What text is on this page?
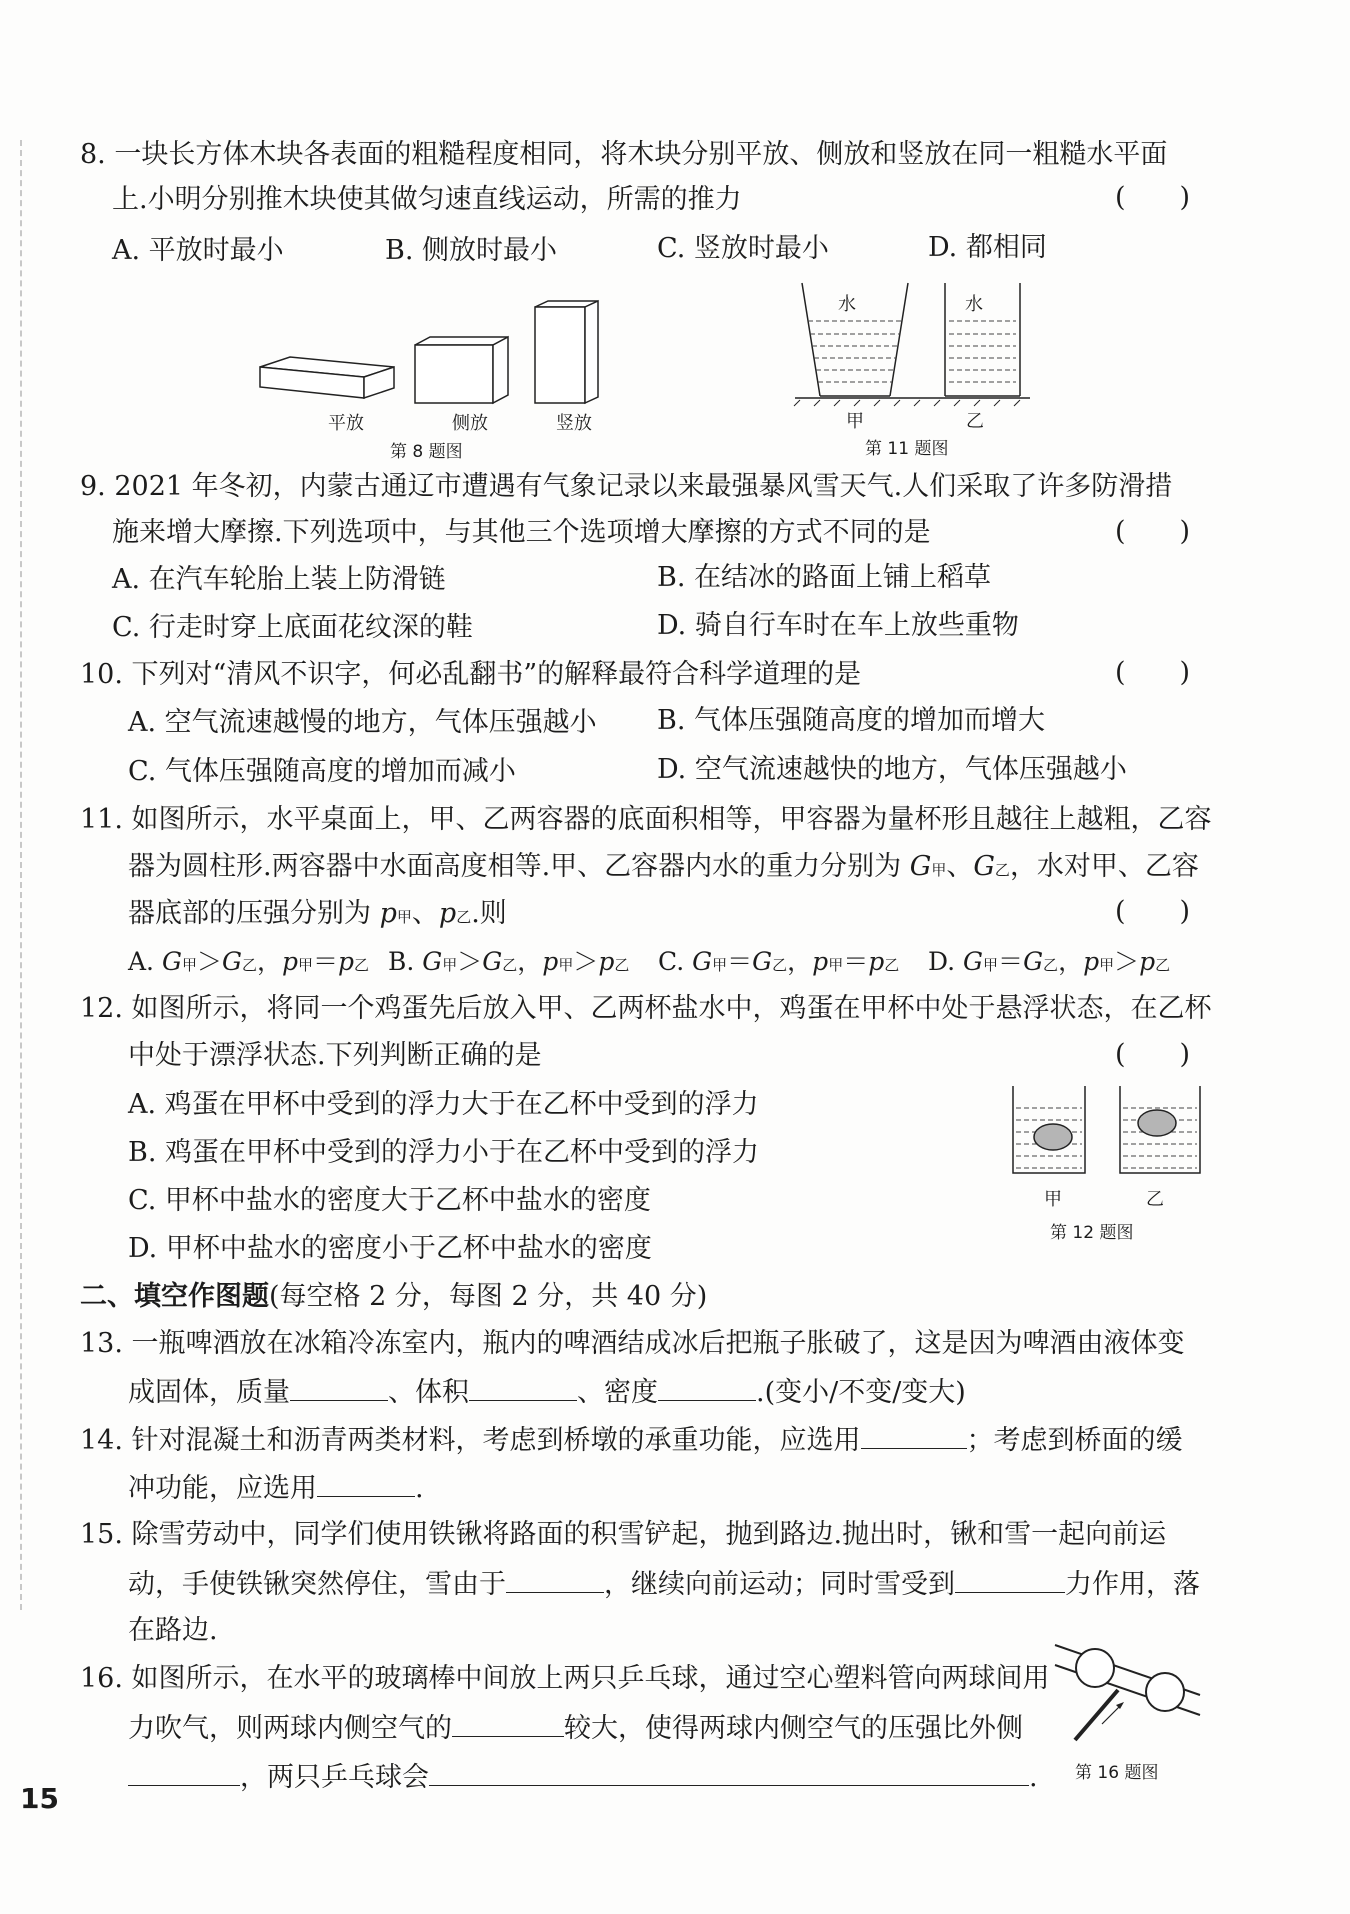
8. 一块长方体木块各表面的粗糙程度相同，将木块分别平放、侧放和竖放在同一粗糙水平面
上.小明分别推木块使其做匀速直线运动，所需的推力	(　　)
A. 平放时最小	B. 侧放时最小	C. 竖放时最小	D. 都相同
平放	侧放	竖放
第 8 题图
水	水
甲	乙
第 11 题图
9. 2021 年冬初，内蒙古通辽市遭遇有气象记录以来最强暴风雪天气.人们采取了许多防滑措
施来增大摩擦.下列选项中，与其他三个选项增大摩擦的方式不同的是	(　　)
A. 在汽车轮胎上装上防滑链	B. 在结冰的路面上铺上稻草
C. 行走时穿上底面花纹深的鞋	D. 骑自行车时在车上放些重物
10. 下列对“清风不识字，何必乱翻书”的解释最符合科学道理的是	(　　)
A. 空气流速越慢的地方，气体压强越小 B. 气体压强随高度的增加而增大
C. 气体压强随高度的增加而减小	D. 空气流速越快的地方，气体压强越小
11. 如图所示，水平桌面上，甲、乙两容器的底面积相等，甲容器为量杯形且越往上越粗，乙容
器为圆柱形.两容器中水面高度相等.甲、乙容器内水的重力分别为 G甲、G乙，水对甲、乙容
器底部的压强分别为 p甲、p乙.则	(　　)
A. G甲＞G乙，p甲＝p乙 B. G甲＞G乙，p甲＞p乙 C. G甲＝G乙，p甲＝p乙 D. G甲＝G乙，p甲＞p乙
12. 如图所示，将同一个鸡蛋先后放入甲、乙两杯盐水中，鸡蛋在甲杯中处于悬浮状态，在乙杯
中处于漂浮状态.下列判断正确的是	(　　)
A. 鸡蛋在甲杯中受到的浮力大于在乙杯中受到的浮力
B. 鸡蛋在甲杯中受到的浮力小于在乙杯中受到的浮力
C. 甲杯中盐水的密度大于乙杯中盐水的密度
D. 甲杯中盐水的密度小于乙杯中盐水的密度
甲	乙
第 12 题图
二、填空作图题(每空格 2 分，每图 2 分，共 40 分)
13. 一瓶啤酒放在冰箱冷冻室内，瓶内的啤酒结成冰后把瓶子胀破了，这是因为啤酒由液体变
成固体，质量	、体积	、密度	.(变小/不变/变大)
14. 针对混凝土和沥青两类材料，考虑到桥墩的承重功能，应选用	；考虑到桥面的缓
冲功能，应选用	.
15. 除雪劳动中，同学们使用铁锹将路面的积雪铲起，抛到路边.抛出时，锹和雪一起向前运
动，手使铁锹突然停住，雪由于	，继续向前运动；同时雪受到	力作用，落
在路边.
16. 如图所示，在水平的玻璃棒中间放上两只乒乓球，通过空心塑料管向两球间用
力吹气，则两球内侧空气的	较大，使得两球内侧空气的压强比外侧
，两只乒乓球会	. 第 16 题图
15
